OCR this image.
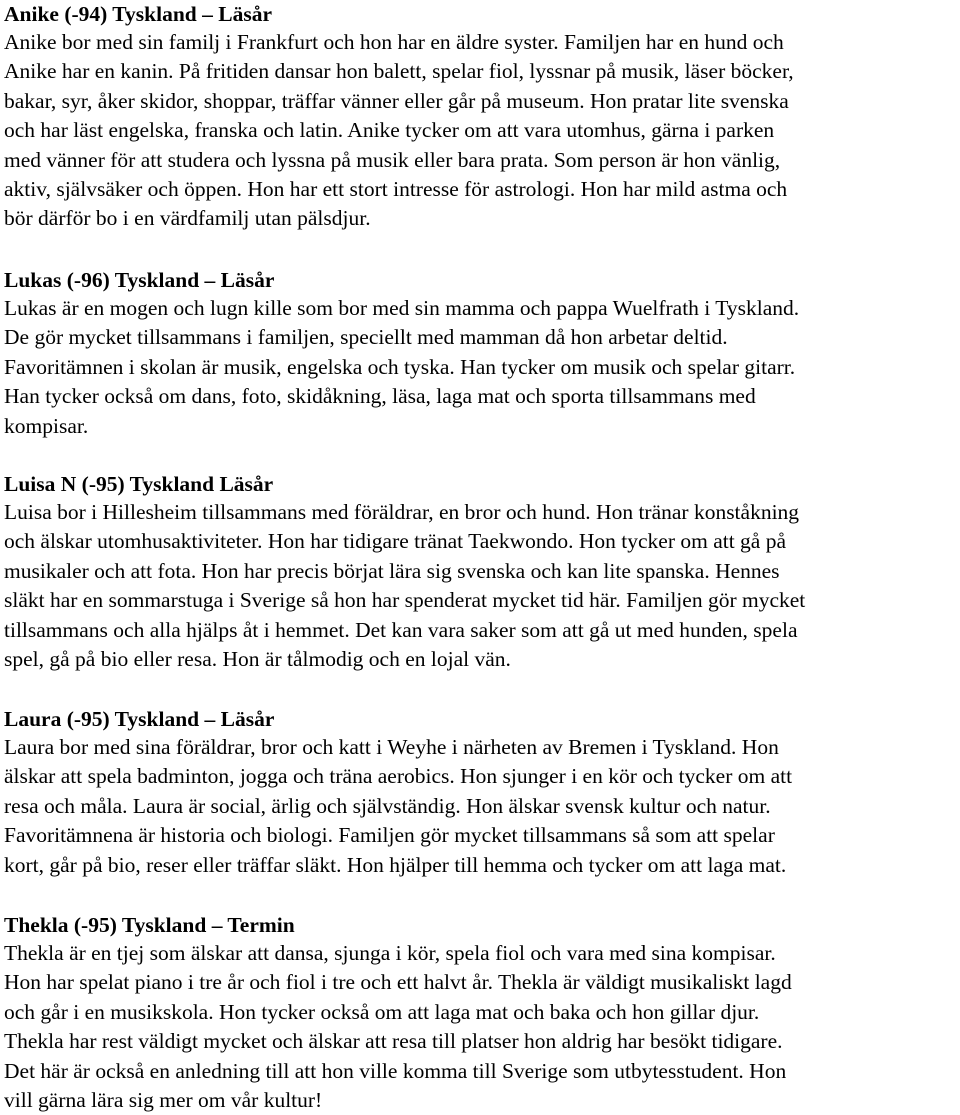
Anike (-94) Tyskland – Läsår

Anike bor med sin familj i Frankfurt och hon har en äldre syster. Familjen har en hund och
Anike har en kanin. På fritiden dansar hon balett, spelar fiol, lyssnar på musik, läser böcker,
bakar, syr, åker skidor, shoppar, träffar vänner eller går på museum. Hon pratar lite svenska
och har läst engelska, franska och latin. Anike tycker om att vara utomhus, gärna i parken
med vänner för att studera och lyssna på musik eller bara prata. Som person är hon vänlig,
aktiv, självsäker och öppen. Hon har ett stort intresse för astrologi. Hon har mild astma och
bör därför bo i en värdfamilj utan pälsdjur.

Lukas (-96) Tyskland – Läsår

Lukas är en mogen och lugn kille som bor med sin mamma och pappa Wuelfrath i Tyskland.
De gör mycket tillsammans i familjen, speciellt med mamman då hon arbetar deltid.
Favoritämnen i skolan är musik, engelska och tyska. Han tycker om musik och spelar gitarr.
Han tycker också om dans, foto, skidåkning, läsa, laga mat och sporta tillsammans med
kompisar.

Luisa N (-95) Tyskland Läsår

Luisa bor i Hillesheim tillsammans med föräldrar, en bror och hund. Hon tränar konståkning
och älskar utomhusaktiviteter. Hon har tidigare tränat Taekwondo. Hon tycker om att gå på
musikaler och att fota. Hon har precis börjat lära sig svenska och kan lite spanska. Hennes
släkt har en sommarstuga i Sverige så hon har spenderat mycket tid här. Familjen gör mycket
tillsammans och alla hjälps åt i hemmet. Det kan vara saker som att gå ut med hunden, spela
spel, gå på bio eller resa. Hon är tålmodig och en lojal vän.

Laura (-95) Tyskland – Läsår

Laura bor med sina föräldrar, bror och katt i Weyhe i närheten av Bremen i Tyskland. Hon
älskar att spela badminton, jogga och träna aerobics. Hon sjunger i en kör och tycker om att
resa och måla. Laura är social, ärlig och självständig. Hon älskar svensk kultur och natur.
Favoritämnena är historia och biologi. Familjen gör mycket tillsammans så som att spelar
kort, går på bio, reser eller träffar släkt. Hon hjälper till hemma och tycker om att laga mat.

Thekla (-95) Tyskland – Termin

Thekla är en tjej som älskar att dansa, sjunga i kör, spela fiol och vara med sina kompisar.
Hon har spelat piano i tre år och fiol i tre och ett halvt år. Thekla är väldigt musikaliskt lagd
och går i en musikskola. Hon tycker också om att laga mat och baka och hon gillar djur.
Thekla har rest väldigt mycket och älskar att resa till platser hon aldrig har besökt tidigare.
Det här är också en anledning till att hon ville komma till Sverige som utbytesstudent. Hon
vill gärna lära sig mer om vår kultur!
